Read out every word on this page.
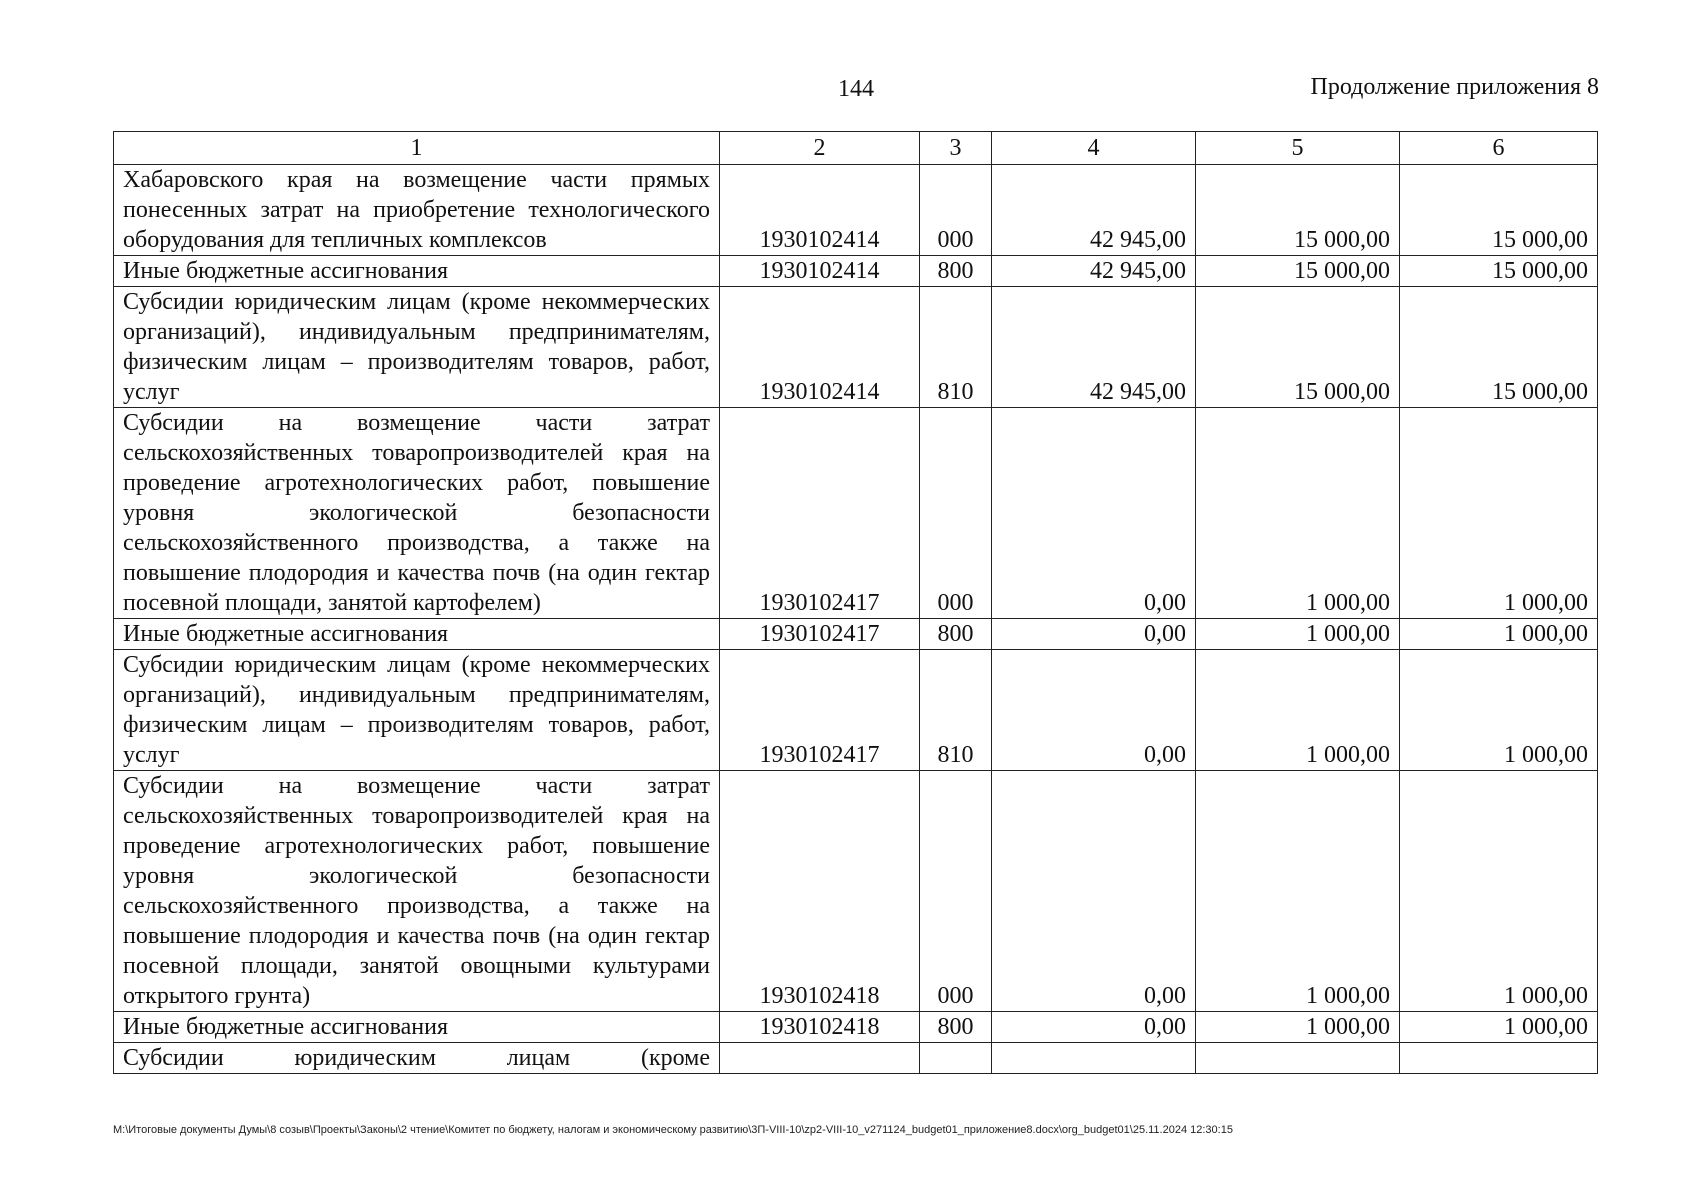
144	Продолжение приложения 8
1	2	3	4	5	6
Хабаровского края на возмещение части прямых понесенных затрат на приобретение технологического оборудования для тепличных комплексов	1930102414	000	42 945,00	15 000,00	15 000,00
Иные бюджетные ассигнования	1930102414	800	42 945,00	15 000,00	15 000,00
Субсидии юридическим лицам (кроме некоммерческих организаций), индивидуальным предпринимателям, физическим лицам – производителям товаров, работ, услуг	1930102414	810	42 945,00	15 000,00	15 000,00
Субсидии на возмещение части затрат сельскохозяйственных товаропроизводителей края на проведение агротехнологических работ, повышение уровня экологической безопасности сельскохозяйственного производства, а также на повышение плодородия и качества почв (на один гектар посевной площади, занятой картофелем)	1930102417	000	0,00	1 000,00	1 000,00
Иные бюджетные ассигнования	1930102417	800	0,00	1 000,00	1 000,00
Субсидии юридическим лицам (кроме некоммерческих организаций), индивидуальным предпринимателям, физическим лицам – производителям товаров, работ, услуг	1930102417	810	0,00	1 000,00	1 000,00
Субсидии на возмещение части затрат сельскохозяйственных товаропроизводителей края на проведение агротехнологических работ, повышение уровня экологической безопасности сельскохозяйственного производства, а также на повышение плодородия и качества почв (на один гектар посевной площади, занятой овощными культурами открытого грунта)	1930102418	000	0,00	1 000,00	1 000,00
Иные бюджетные ассигнования	1930102418	800	0,00	1 000,00	1 000,00
Субсидии юридическим лицам (кроме					
M:\Итоговые документы Думы\8 созыв\Проекты\Законы\2 чтение\Комитет по бюджету, налогам и экономическому развитию\3П-VIII-10\zp2-VIII-10_v271124_budget01_приложение8.docx\org_budget01\25.11.2024 12:30:15
